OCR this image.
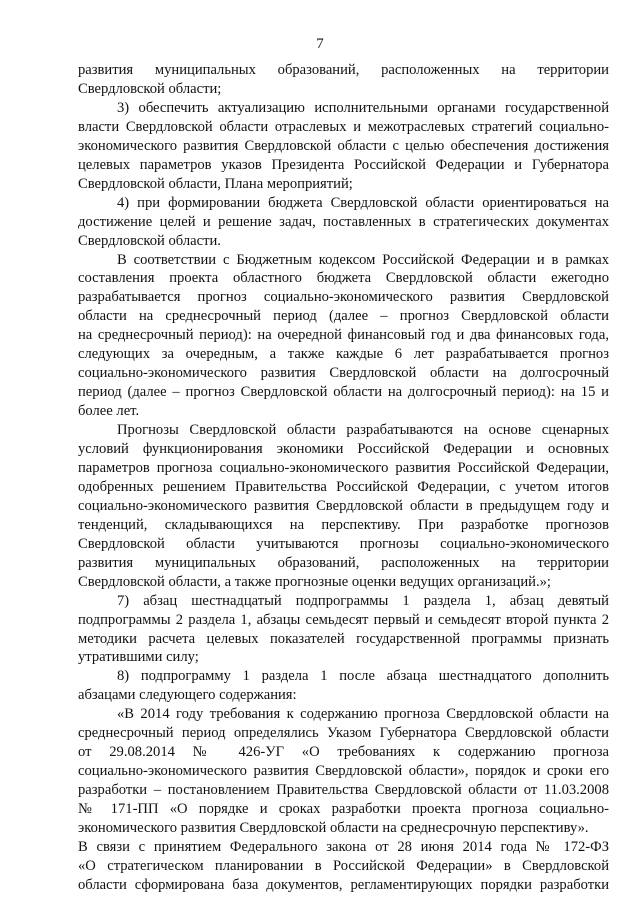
7
развития муниципальных образований, расположенных на территории
Свердловской области;
3) обеспечить актуализацию исполнительными органами государственной
власти Свердловской области отраслевых и межотраслевых стратегий социально-
экономического развития Свердловской области с целью обеспечения достижения
целевых параметров указов Президента Российской Федерации и Губернатора
Свердловской области, Плана мероприятий;
4) при формировании бюджета Свердловской области ориентироваться на
достижение целей и решение задач, поставленных в стратегических документах
Свердловской области.
В соответствии с Бюджетным кодексом Российской Федерации и в рамках
составления проекта областного бюджета Свердловской области ежегодно
разрабатывается прогноз социально-экономического развития Свердловской
области на среднесрочный период (далее – прогноз Свердловской области
на среднесрочный период): на очередной финансовый год и два финансовых года,
следующих за очередным, а также каждые 6 лет разрабатывается прогноз
социально-экономического развития Свердловской области на долгосрочный
период (далее – прогноз Свердловской области на долгосрочный период): на 15 и
более лет.
Прогнозы Свердловской области разрабатываются на основе сценарных
условий функционирования экономики Российской Федерации и основных
параметров прогноза социально-экономического развития Российской Федерации,
одобренных решением Правительства Российской Федерации, с учетом итогов
социально-экономического развития Свердловской области в предыдущем году и
тенденций, складывающихся на перспективу. При разработке прогнозов
Свердловской области учитываются прогнозы социально-экономического
развития муниципальных образований, расположенных на территории
Свердловской области, а также прогнозные оценки ведущих организаций.»;
7) абзац шестнадцатый подпрограммы 1 раздела 1, абзац девятый
подпрограммы 2 раздела 1, абзацы семьдесят первый и семьдесят второй пункта 2
методики расчета целевых показателей государственной программы признать
утратившими силу;
8) подпрограмму 1 раздела 1 после абзаца шестнадцатого дополнить
абзацами следующего содержания:
«В 2014 году требования к содержанию прогноза Свердловской области на
среднесрочный период определялись Указом Губернатора Свердловской области
от 29.08.2014 № 426-УГ «О требованиях к содержанию прогноза
социально-экономического развития Свердловской области», порядок и сроки его
разработки – постановлением Правительства Свердловской области от 11.03.2008
№ 171-ПП «О порядке и сроках разработки проекта прогноза социально-
экономического развития Свердловской области на среднесрочную перспективу».
В связи с принятием Федерального закона от 28 июня 2014 года № 172-ФЗ
«О стратегическом планировании в Российской Федерации» в Свердловской
области сформирована база документов, регламентирующих порядки разработки
